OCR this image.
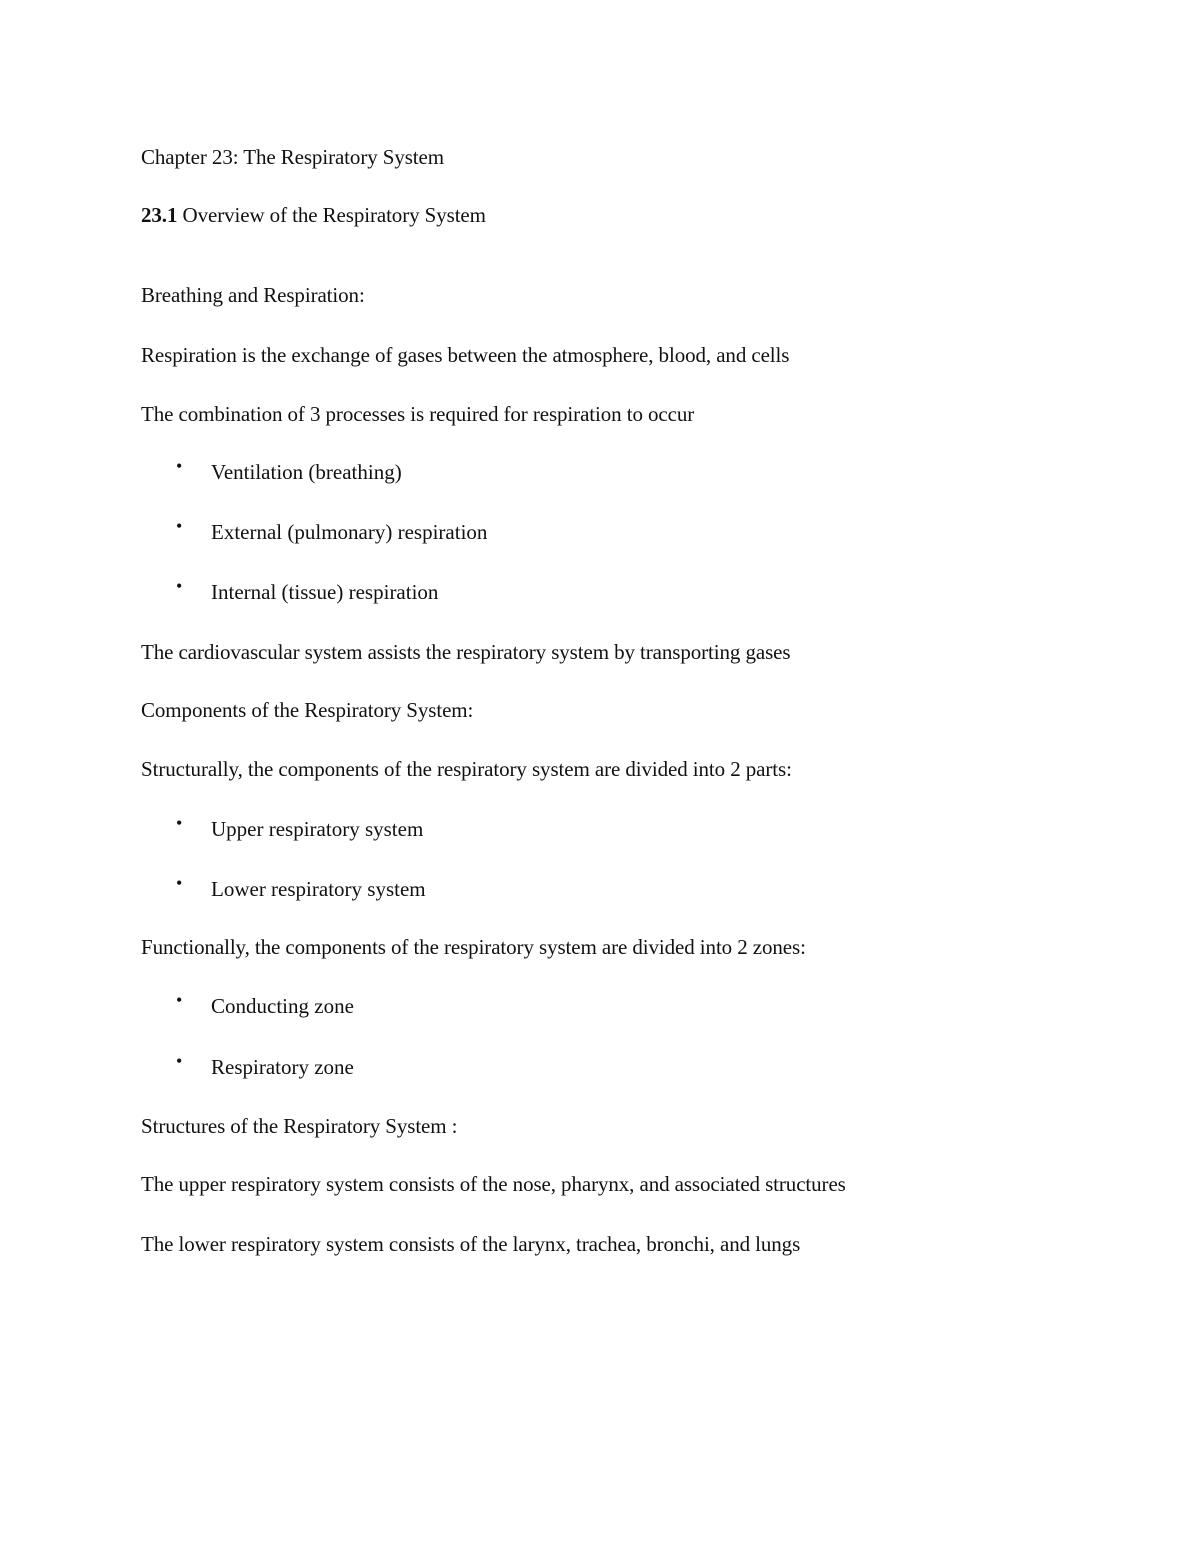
Chapter 23: The Respiratory System
23.1 Overview of the Respiratory System
Breathing and Respiration:
Respiration is the exchange of gases between the atmosphere, blood, and cells
The combination of 3 processes is required for respiration to occur
• Ventilation (breathing)
• External (pulmonary) respiration
• Internal (tissue) respiration
The cardiovascular system assists the respiratory system by transporting gases
Components of the Respiratory System:
Structurally, the components of the respiratory system are divided into 2 parts:
• Upper respiratory system
• Lower respiratory system
Functionally, the components of the respiratory system are divided into 2 zones:
• Conducting zone
• Respiratory zone
Structures of the Respiratory System :
The upper respiratory system consists of the nose, pharynx, and associated structures
The lower respiratory system consists of the larynx, trachea, bronchi, and lungs
